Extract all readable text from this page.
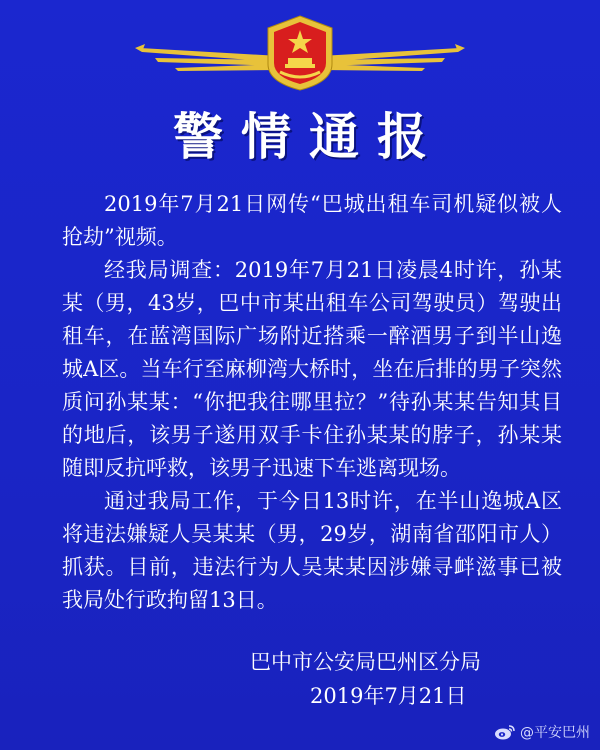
警情通报

2019年7月21日网传“巴城出租车司机疑似被人抢劫”视频。

经我局调查：2019年7月21日凌晨4时许，孙某某（男，43岁，巴中市某出租车公司驾驶员）驾驶出租车，在蓝湾国际广场附近搭乘一醉酒男子到半山逸城A区。当车行至麻柳湾大桥时，坐在后排的男子突然质问孙某某：“你把我往哪里拉？”待孙某某告知其目的地后，该男子遂用双手卡住孙某某的脖子，孙某某随即反抗呼救，该男子迅速下车逃离现场。

通过我局工作，于今日13时许，在半山逸城A区将违法嫌疑人吴某某（男，29岁，湖南省邵阳市人）抓获。目前，违法行为人吴某某因涉嫌寻衅滋事已被我局处行政拘留13日。

巴中市公安局巴州区分局
2019年7月21日
@平安巴州
